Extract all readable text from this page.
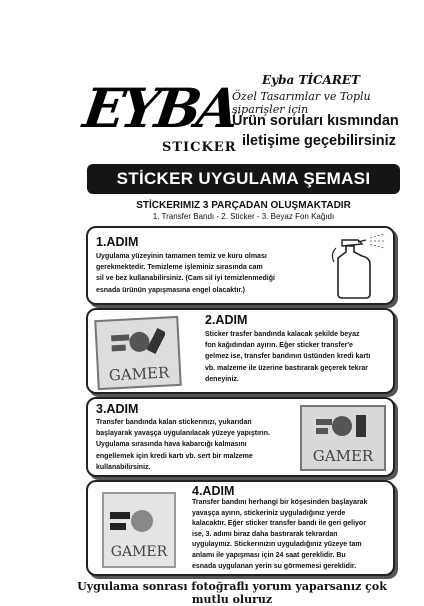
EYBA
STICKER
Eyba TİCARET
Özel Tasarımlar ve Toplu şiparişler için
Ürün soruları kısmından
iletişime geçebilirsiniz
STİCKER UYGULAMA ŞEMASI
STİCKERIMIZ 3 PARÇADAN OLUŞMAKTADIR
1. Transfer Bandı - 2. Sticker - 3. Beyaz Fon Kağıdı
1.ADIM
Uygulama yüzeyinin tamamen temiz ve kuru olması
gerekmektedir. Temizleme işleminiz sırasında cam
sil ve bez kullanabilirsiniz. (Cam sil iyi temizlenmediği
esnada ürünün yapışmasına engel olacaktır.)
GAMER
2.ADIM
Sticker trasfer bandında kalacak şekilde beyaz
fon kağıdından ayırın. Eğer sticker transfer'e
gelmez ise, transfer bandının üstünden kredi kartı
vb. malzeme ile üzerine bastırarak geçerek tekrar
deneyiniz.
3.ADIM
Transfer bandında kalan stickerınızı, yukarıdan
başlayarak yavaşça uygulanılacak yüzeye yapıştırın.
Uygulama sırasında hava kabarcığı kalmasını
engellemek için kredi kartı vb. sert bir malzeme
kullanabilirsiniz.
GAMER
GAMER
4.ADIM
Transfer bandını herhangi bir köşesinden başlayarak
yavaşça ayırın, stickeriniz uyguladığınız yerde
kalacaktır. Eğer sticker transfer bandı ile geri geliyor
ise, 3. adımı biraz daha bastırarak tekrardan
uygulayınız. Stickerınızın uyguladığınız yüzeye tam
anlamı ile yapışması için 24 saat gereklidir. Bu
esnada uygulanan yerin su görmemesi gereklidir.
Uygulama sonrası fotoğraflı yorum yaparsanız çok mutlu oluruz
